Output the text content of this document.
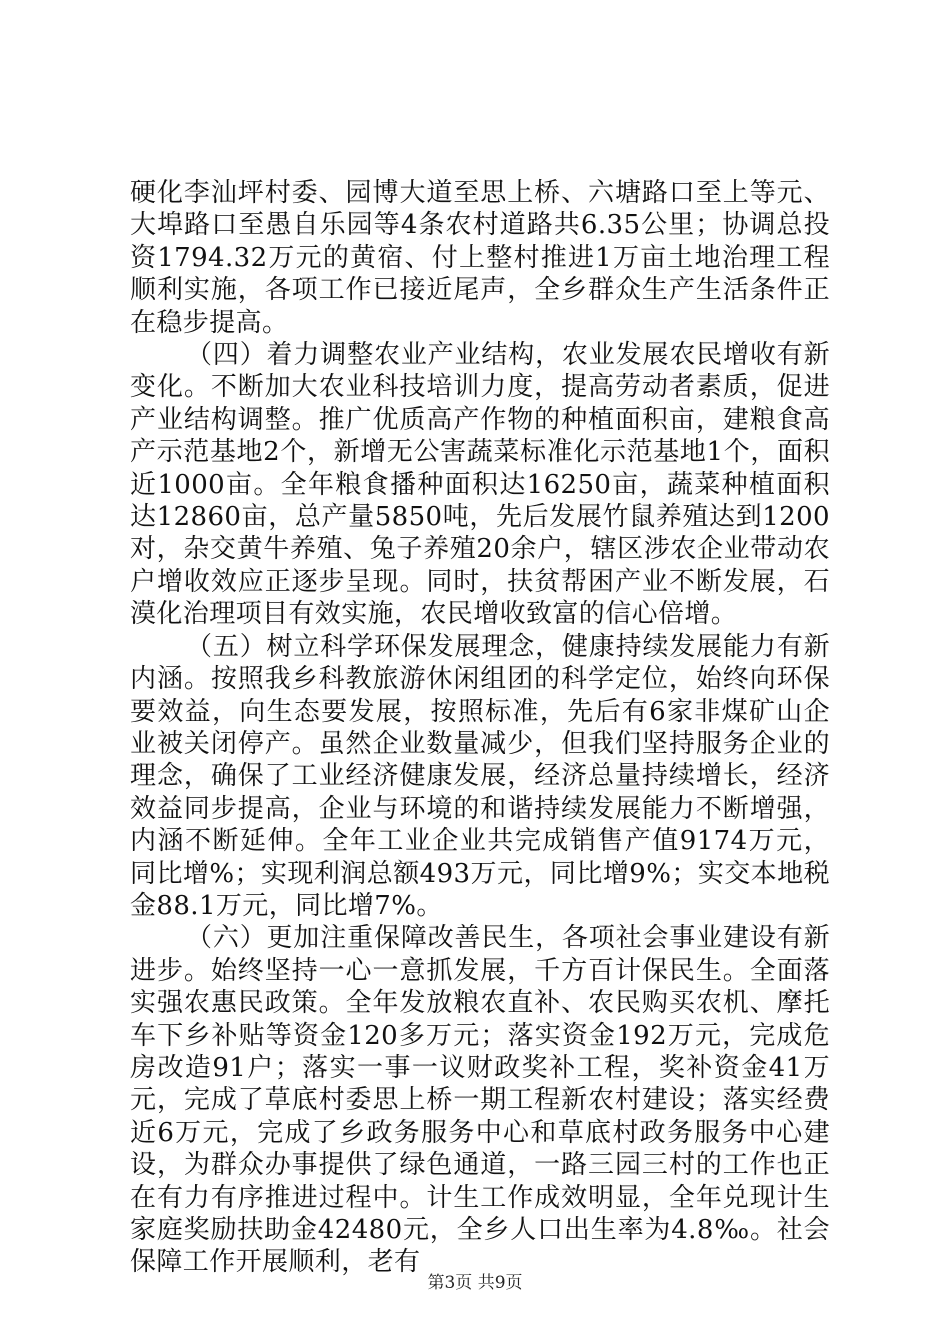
硬化李汕坪村委、园博大道至思上桥、六塘路口至上等元、大埠路口至愚自乐园等4条农村道路共6.35公里；协调总投资1794.32万元的黄宿、付上整村推进1万亩土地治理工程顺利实施，各项工作已接近尾声，全乡群众生产生活条件正在稳步提高。

（四）着力调整农业产业结构，农业发展农民增收有新变化。不断加大农业科技培训力度，提高劳动者素质，促进产业结构调整。推广优质高产作物的种植面积亩，建粮食高产示范基地2个，新增无公害蔬菜标准化示范基地1个，面积近1000亩。全年粮食播种面积达16250亩，蔬菜种植面积达12860亩，总产量5850吨，先后发展竹鼠养殖达到1200对，杂交黄牛养殖、兔子养殖20余户，辖区涉农企业带动农户增收效应正逐步呈现。同时，扶贫帮困产业不断发展，石漠化治理项目有效实施，农民增收致富的信心倍增。

（五）树立科学环保发展理念，健康持续发展能力有新内涵。按照我乡科教旅游休闲组团的科学定位，始终向环保要效益，向生态要发展，按照标准，先后有6家非煤矿山企业被关闭停产。虽然企业数量减少，但我们坚持服务企业的理念，确保了工业经济健康发展，经济总量持续增长，经济效益同步提高，企业与环境的和谐持续发展能力不断增强，内涵不断延伸。全年工业企业共完成销售产值9174万元，同比增%；实现利润总额493万元，同比增9%；实交本地税金88.1万元，同比增7%。

（六）更加注重保障改善民生，各项社会事业建设有新进步。始终坚持一心一意抓发展，千方百计保民生。全面落实强农惠民政策。全年发放粮农直补、农民购买农机、摩托车下乡补贴等资金120多万元；落实资金192万元，完成危房改造91户；落实一事一议财政奖补工程，奖补资金41万元，完成了草底村委思上桥一期工程新农村建设；落实经费近6万元，完成了乡政务服务中心和草底村政务服务中心建设，为群众办事提供了绿色通道，一路三园三村的工作也正在有力有序推进过程中。计生工作成效明显，全年兑现计生家庭奖励扶助金42480元，全乡人口出生率为4.8‰。社会保障工作开展顺利，老有

第3页 共9页
